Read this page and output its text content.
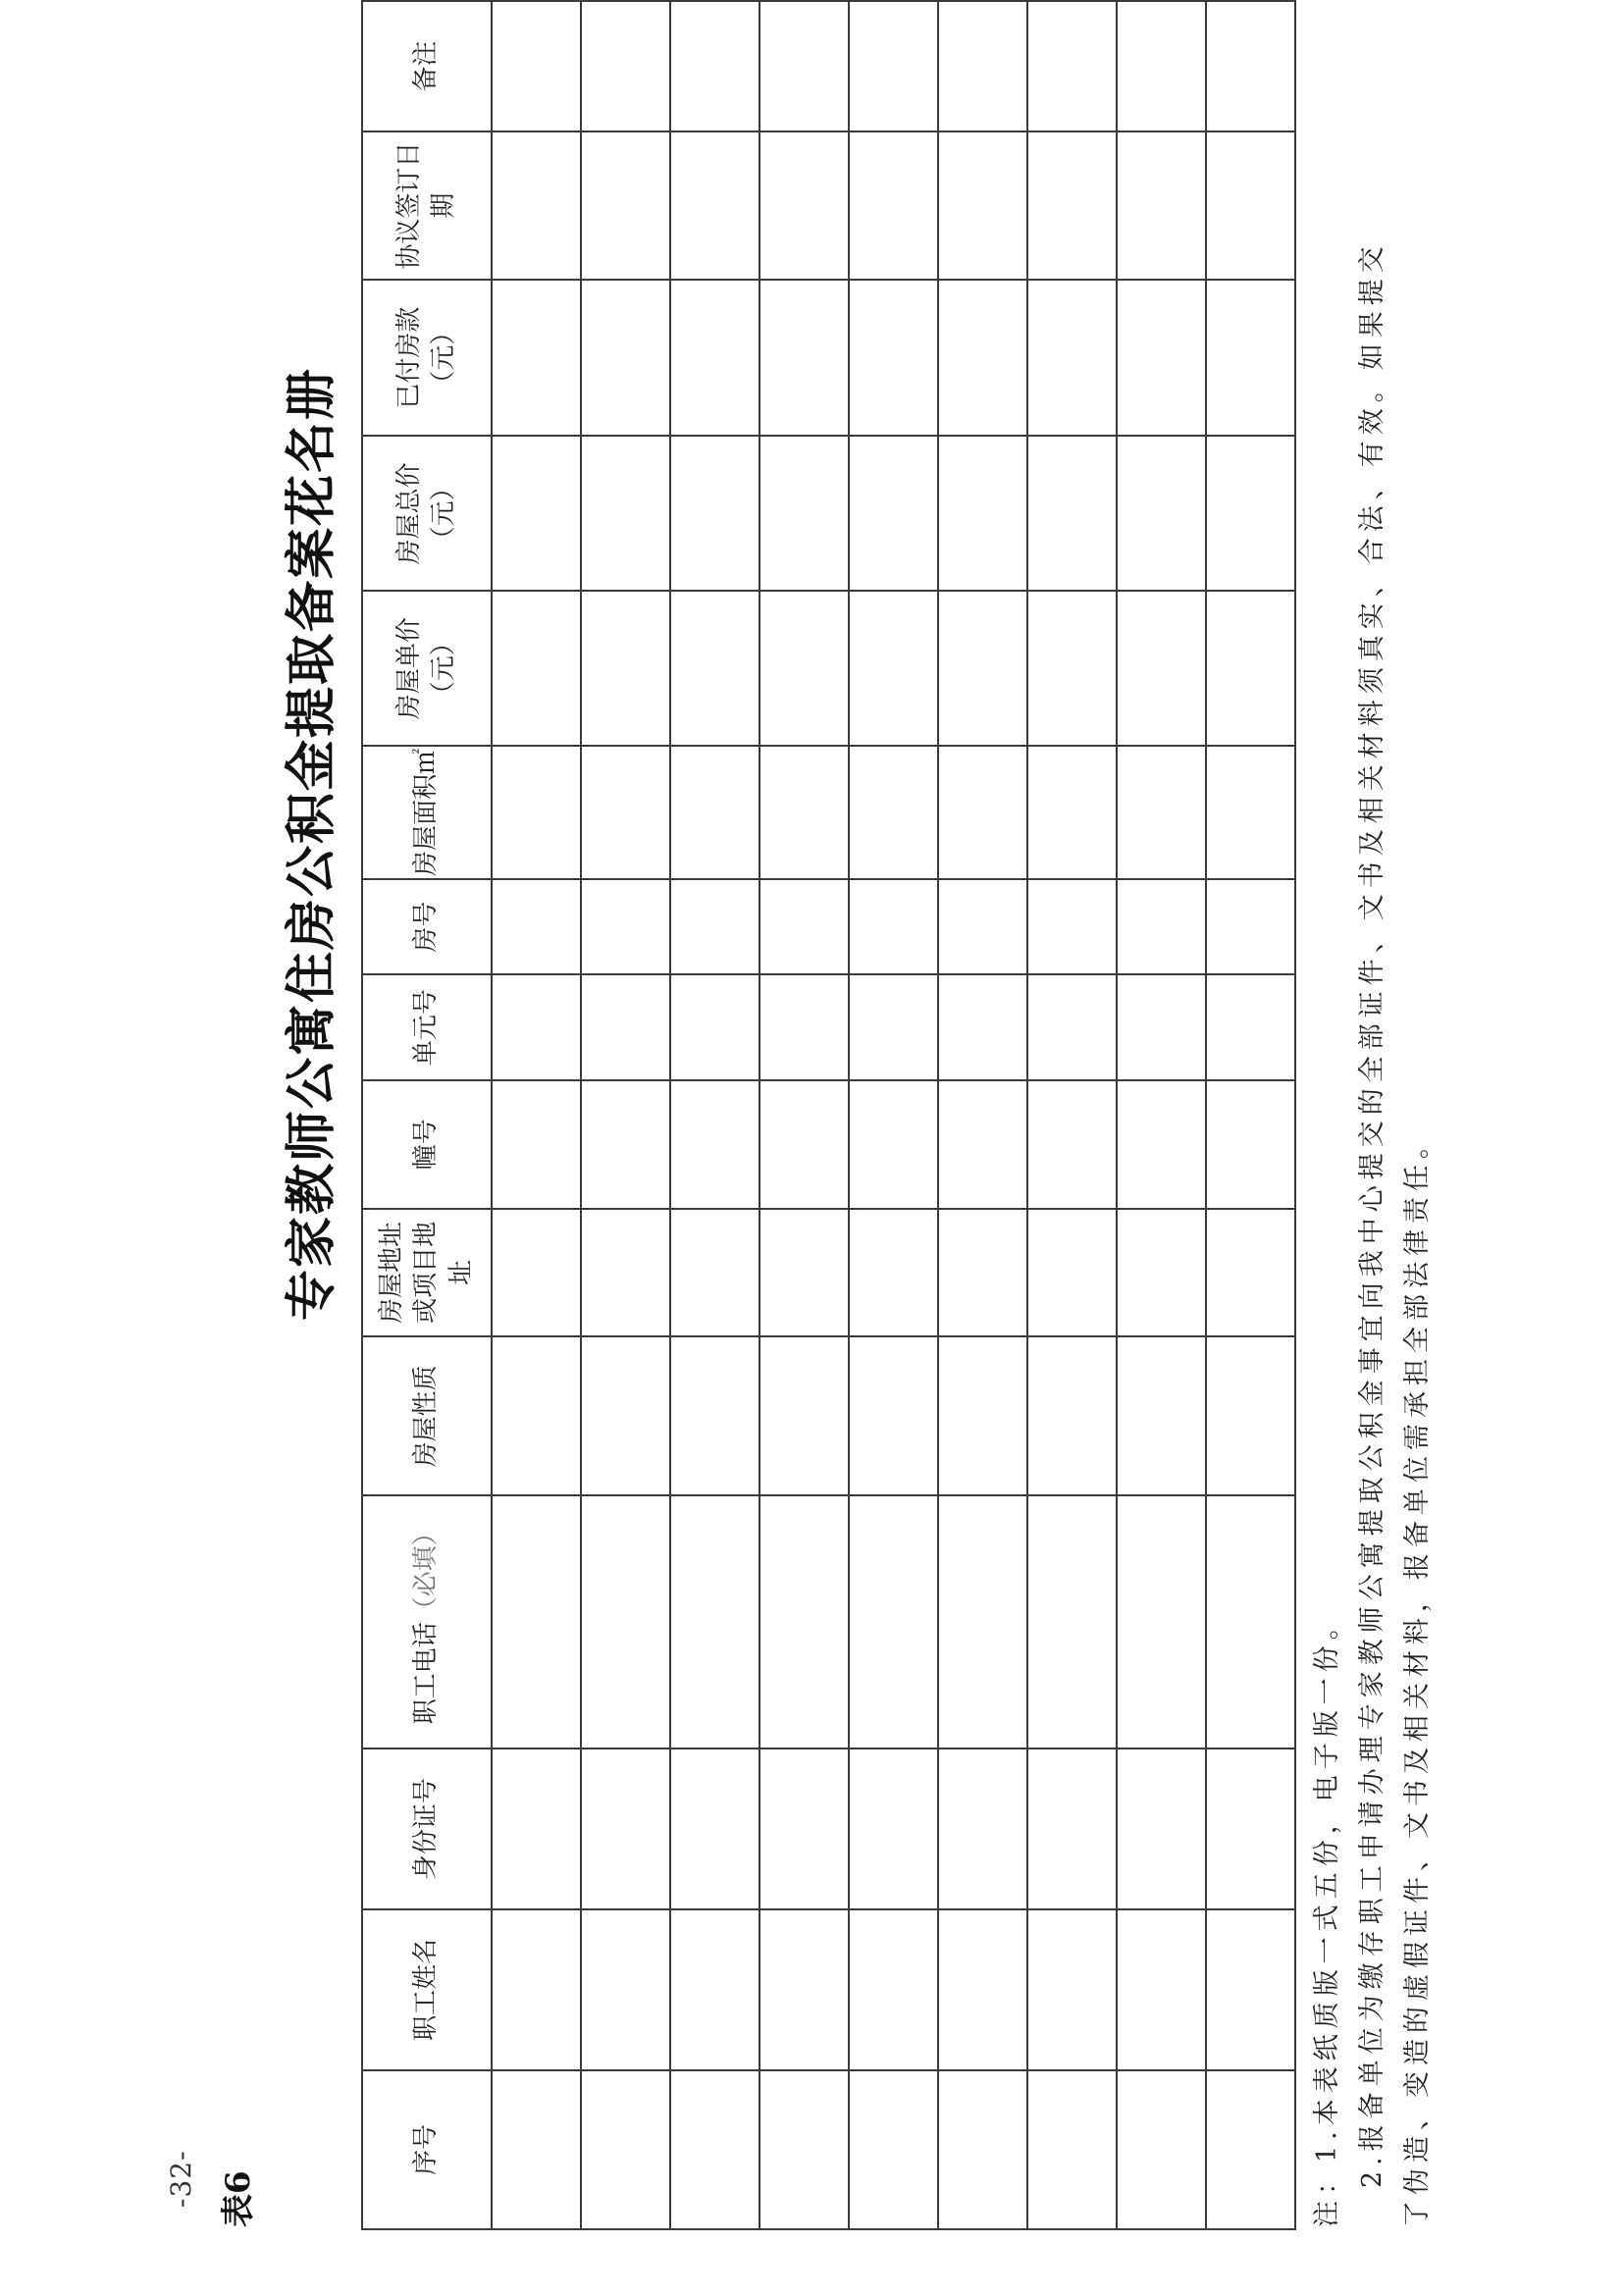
-32- 表6
专家教师公寓住房公积金提取备案花名册
序号	职工姓名	身份证号	职工电话（必填）	房屋性质	房屋地址或项目地址	幢号	单元号	房号	房屋面积㎡	房屋单价（元）	房屋总价（元）	已付房款（元）	协议签订日期	备注

注：1.本表纸质版一式五份，电子版一份。 2.报备单位为缴存职工申请办理专家教师公寓提取公积金事宜向我中心提交的全部证件、文书及相关材料须真实、合法、有效。如果提交 了伪造、变造的虚假证件、文书及相关材料，报备单位需承担全部法律责任。
